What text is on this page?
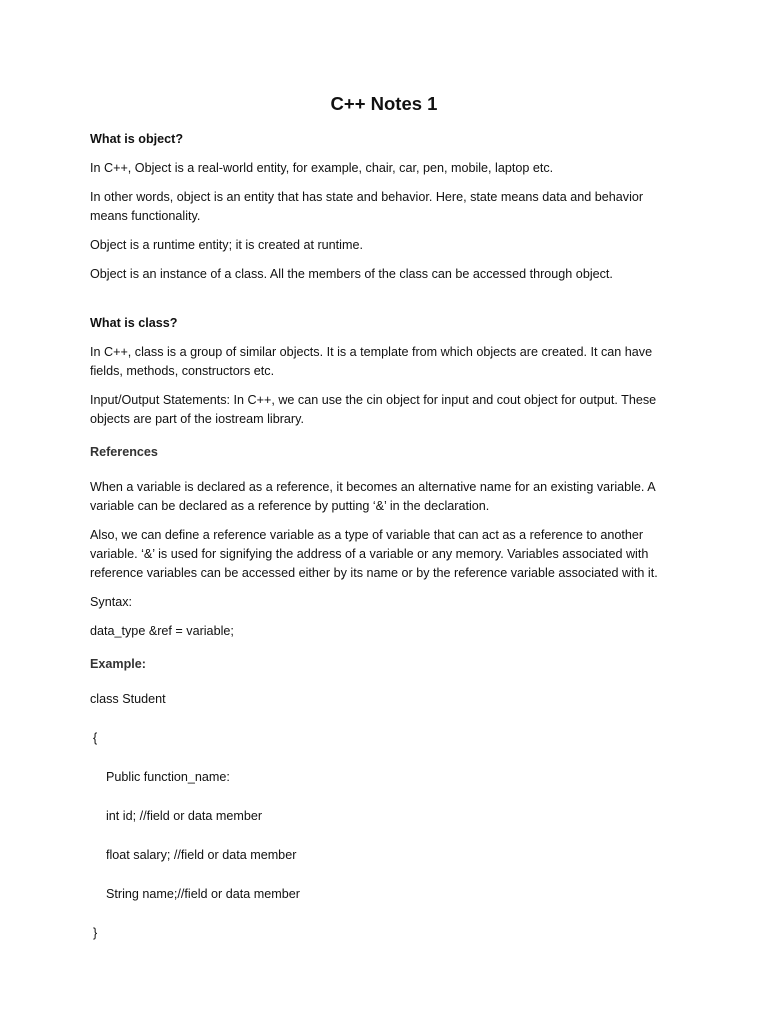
C++ Notes 1

What is object?

In C++, Object is a real-world entity, for example, chair, car, pen, mobile, laptop etc.

In other words, object is an entity that has state and behavior. Here, state means data and behavior means functionality.

Object is a runtime entity; it is created at runtime.

Object is an instance of a class. All the members of the class can be accessed through object.

What is class?

In C++, class is a group of similar objects. It is a template from which objects are created. It can have fields, methods, constructors etc.

Input/Output Statements: In C++, we can use the cin object for input and cout object for output. These objects are part of the iostream library.

References

When a variable is declared as a reference, it becomes an alternative name for an existing variable. A variable can be declared as a reference by putting ‘&’ in the declaration.

Also, we can define a reference variable as a type of variable that can act as a reference to another variable. ‘&’ is used for signifying the address of a variable or any memory. Variables associated with reference variables can be accessed either by its name or by the reference variable associated with it.

Syntax:

data_type &ref = variable;

Example:

class Student

{

Public function_name:

int id; //field or data member

float salary; //field or data member

String name;//field or data member

}
